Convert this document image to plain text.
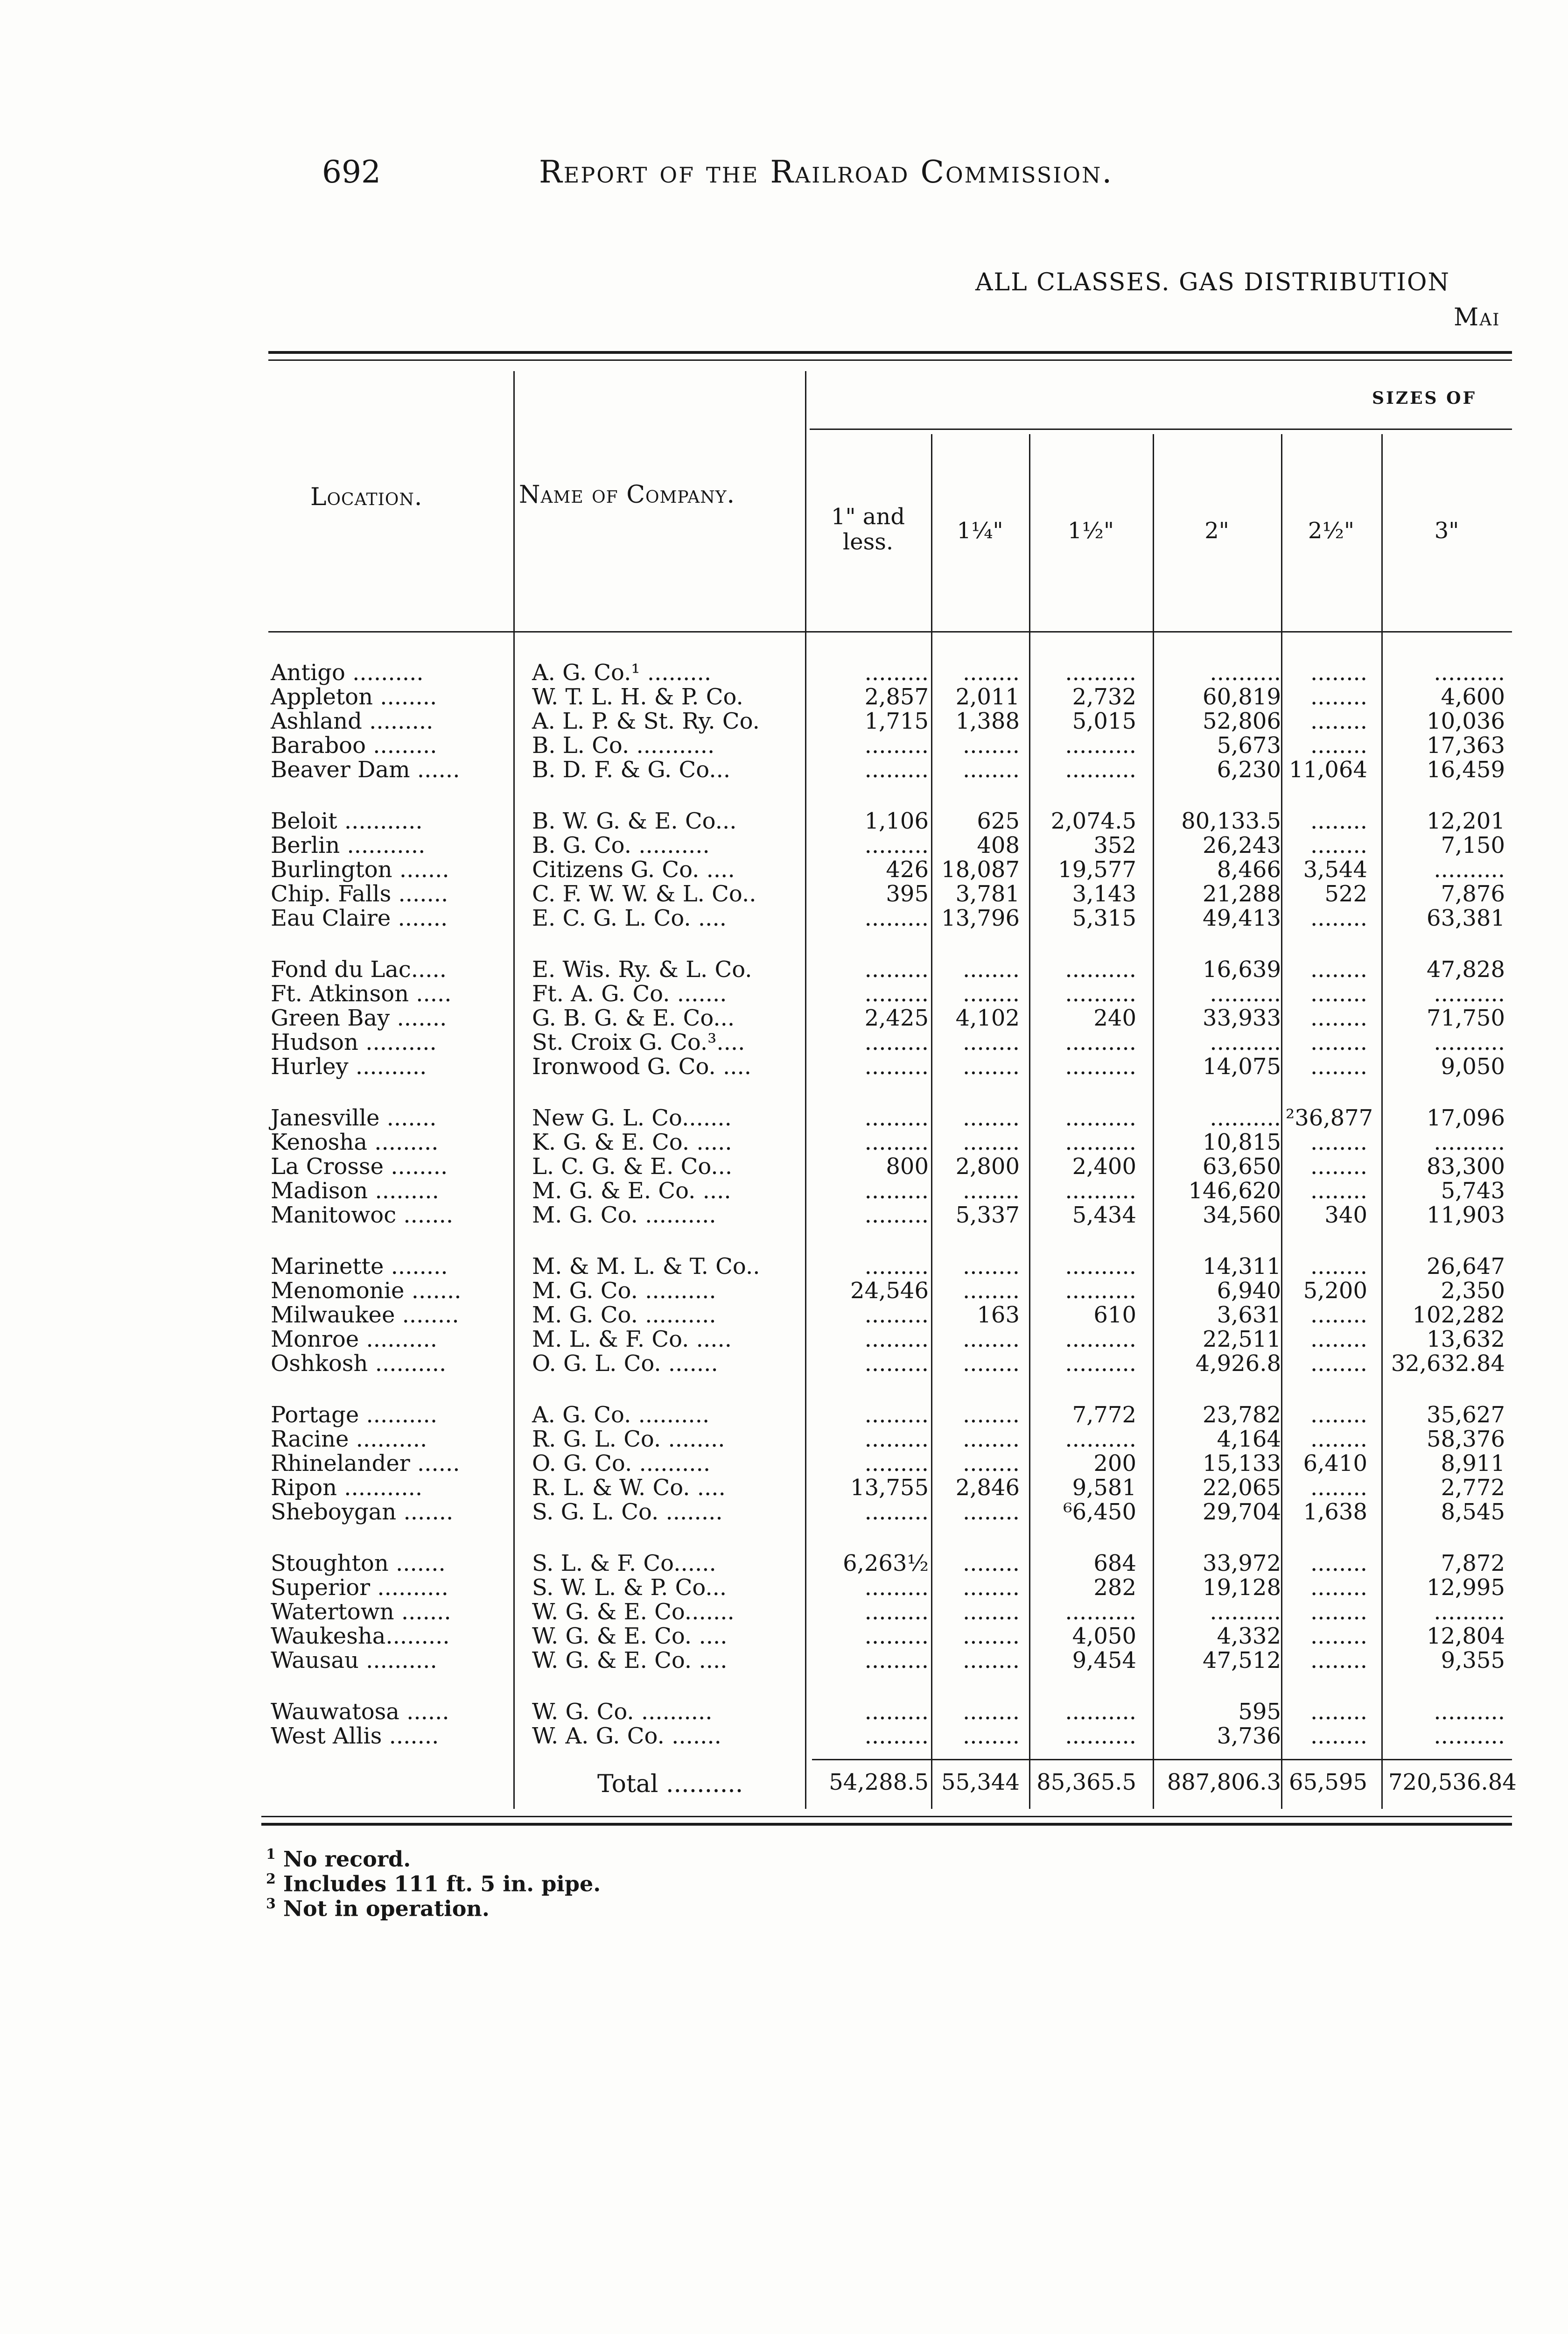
692	Report of the Railroad Commission.
ALL CLASSES. GAS DISTRIBUTION
Mai
Location.	Name of Company.
SIZES OF
1" and less.	1¼"	1½"	2"	2½"	3"
Antigo ..........	A. G. Co.¹ .........	.........	........	..........	..........	........	..........
Appleton ........	W. T. L. H. & P. Co.	2,857	2,011	2,732	60,819	........	4,600
Ashland .........	A. L. P. & St. Ry. Co.	1,715	1,388	5,015	52,806	........	10,036
Baraboo .........	B. L. Co. ...........	.........	........	..........	5,673	........	17,363
Beaver Dam ......	B. D. F. & G. Co...	.........	........	..........	6,230 11,064	16,459
Beloit ...........	B. W. G. & E. Co...	1,106	625	2,074.5	80,133.5	........	12,201
Berlin ...........	B. G. Co. ..........	.........	408	352	26,243	........	7,150
Burlington .......	Citizens G. Co. ....	426 18,087	19,577	8,466 3,544	..........
Chip. Falls .......	C. F. W. W. & L. Co..	395	3,781	3,143	21,288	522	7,876
Eau Claire .......	E. C. G. L. Co. ....	......... 13,796	5,315	49,413	........	63,381
Fond du Lac.....	E. Wis. Ry. & L. Co.	.........	........	..........	16,639	........	47,828
Ft. Atkinson .....	Ft. A. G. Co. .......	.........	........	..........	..........	........	..........
Green Bay .......	G. B. G. & E. Co...	2,425	4,102	240	33,933	........	71,750
Hudson ..........	St. Croix G. Co.³....	.........	........	..........	..........	........	..........
Hurley ..........	Ironwood G. Co. ....	.........	........	..........	14,075	........	9,050
Janesville .......	New G. L. Co.......	.........	........	..........	.......... ²36,877	17,096
Kenosha .........	K. G. & E. Co. .....	.........	........	..........	10,815	........	..........
La Crosse ........	L. C. G. & E. Co...	800	2,800	2,400	63,650	........	83,300
Madison .........	M. G. & E. Co. ....	.........	........	..........	146,620	........	5,743
Manitowoc .......	M. G. Co. ..........	.........	5,337	5,434	34,560	340	11,903
Marinette ........	M. & M. L. & T. Co..	.........	........	..........	14,311	........	26,647
Menomonie .......	M. G. Co. ..........	24,546	........	..........	6,940 5,200	2,350
Milwaukee ........	M. G. Co. ..........	.........	163	610	3,631	........	102,282
Monroe ..........	M. L. & F. Co. .....	.........	........	..........	22,511	........	13,632
Oshkosh ..........	O. G. L. Co. .......	.........	........	..........	4,926.8	........ 32,632.84
Portage ..........	A. G. Co. ..........	.........	........	7,772	23,782	........	35,627
Racine ..........	R. G. L. Co. ........	.........	........	..........	4,164	........	58,376
Rhinelander ......	O. G. Co. ..........	.........	........	200	15,133 6,410	8,911
Ripon ...........	R. L. & W. Co. ....	13,755	2,846	9,581	22,065	........	2,772
Sheboygan .......	S. G. L. Co. ........	.........	........	⁶6,450	29,704 1,638	8,545
Stoughton .......	S. L. & F. Co......	6,263½	........	684	33,972	........	7,872
Superior ..........	S. W. L. & P. Co...	.........	........	282	19,128	........	12,995
Watertown .......	W. G. & E. Co.......	.........	........	..........	..........	........	..........
Waukesha.........	W. G. & E. Co. ....	.........	........	4,050	4,332	........	12,804
Wausau ..........	W. G. & E. Co. ....	.........	........	9,454	47,512	........	9,355
Wauwatosa ......	W. G. Co. ..........	.........	........	..........	595	........	..........
West Allis .......	W. A. G. Co. .......	.........	........	..........	3,736	........	..........
Total ..........	54,288.5 55,344 85,365.5	887,806.3 65,595 720,536.84
$^1$ No record.
$^2$ Includes 111 ft. 5 in. pipe.
$^3$ Not in operation.
